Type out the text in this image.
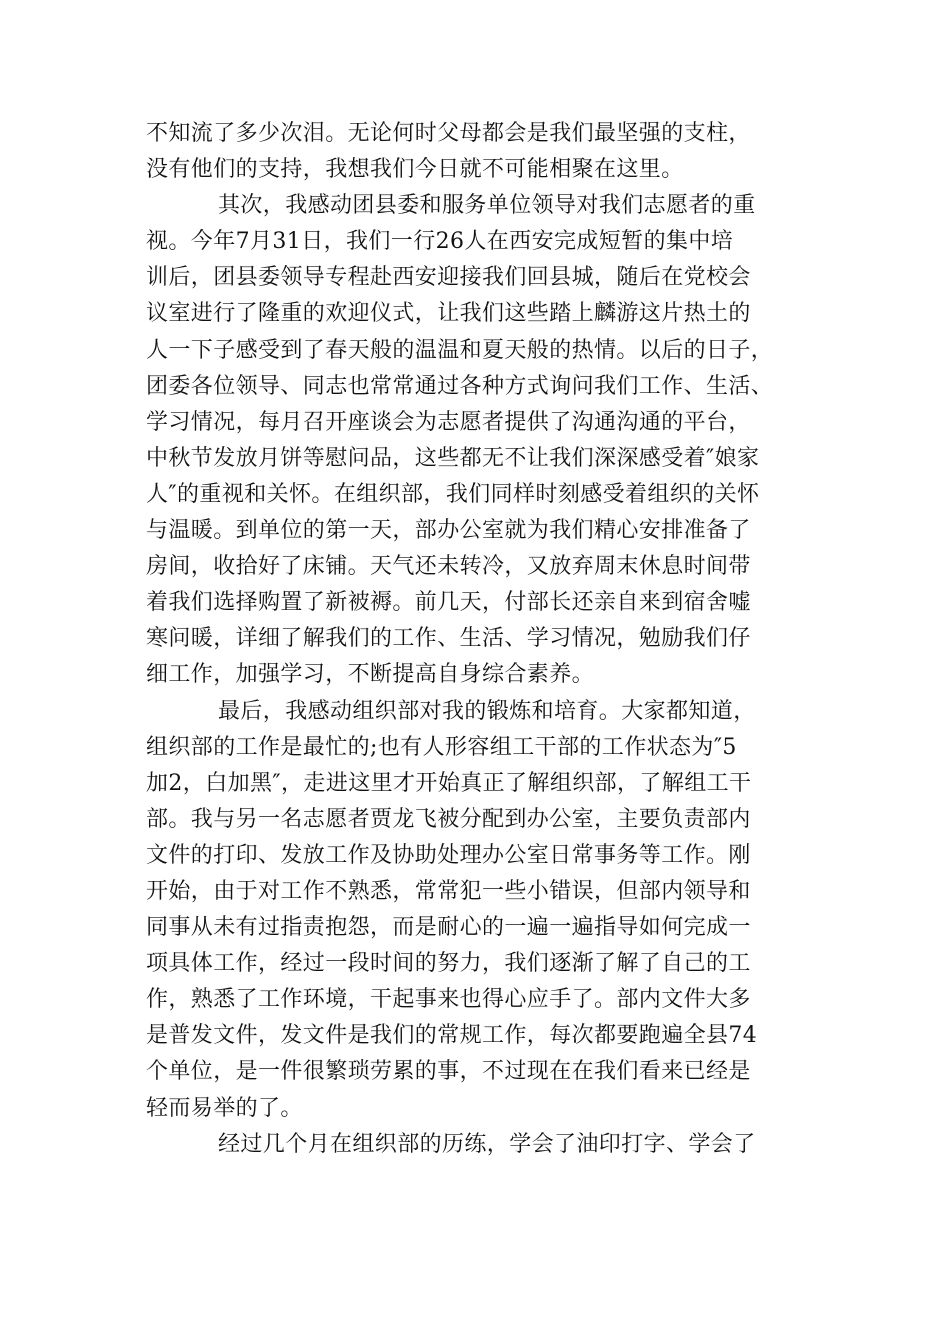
不知流了多少次泪。无论何时父母都会是我们最坚强的支柱，
没有他们的支持，我想我们今日就不可能相聚在这里。
其次，我感动团县委和服务单位领导对我们志愿者的重
视。今年7月31日，我们一行26人在西安完成短暂的集中培
训后，团县委领导专程赴西安迎接我们回县城，随后在党校会
议室进行了隆重的欢迎仪式，让我们这些踏上麟游这片热土的
人一下子感受到了春天般的温温和夏天般的热情。以后的日子，
团委各位领导、同志也常常通过各种方式询问我们工作、生活、
学习情况，每月召开座谈会为志愿者提供了沟通沟通的平台，
中秋节发放月饼等慰问品，这些都无不让我们深深感受着″娘家
人″的重视和关怀。在组织部，我们同样时刻感受着组织的关怀
与温暖。到单位的第一天，部办公室就为我们精心安排准备了
房间，收拾好了床铺。天气还未转冷，又放弃周末休息时间带
着我们选择购置了新被褥。前几天，付部长还亲自来到宿舍嘘
寒问暖，详细了解我们的工作、生活、学习情况，勉励我们仔
细工作，加强学习，不断提高自身综合素养。
最后，我感动组织部对我的锻炼和培育。大家都知道，
组织部的工作是最忙的;也有人形容组工干部的工作状态为″5
加2，白加黑″，走进这里才开始真正了解组织部，了解组工干
部。我与另一名志愿者贾龙飞被分配到办公室，主要负责部内
文件的打印、发放工作及协助处理办公室日常事务等工作。刚
开始，由于对工作不熟悉，常常犯一些小错误，但部内领导和
同事从未有过指责抱怨，而是耐心的一遍一遍指导如何完成一
项具体工作，经过一段时间的努力，我们逐渐了解了自己的工
作，熟悉了工作环境，干起事来也得心应手了。部内文件大多
是普发文件，发文件是我们的常规工作，每次都要跑遍全县74
个单位，是一件很繁琐劳累的事，不过现在在我们看来已经是
轻而易举的了。
经过几个月在组织部的历练，学会了油印打字、学会了
